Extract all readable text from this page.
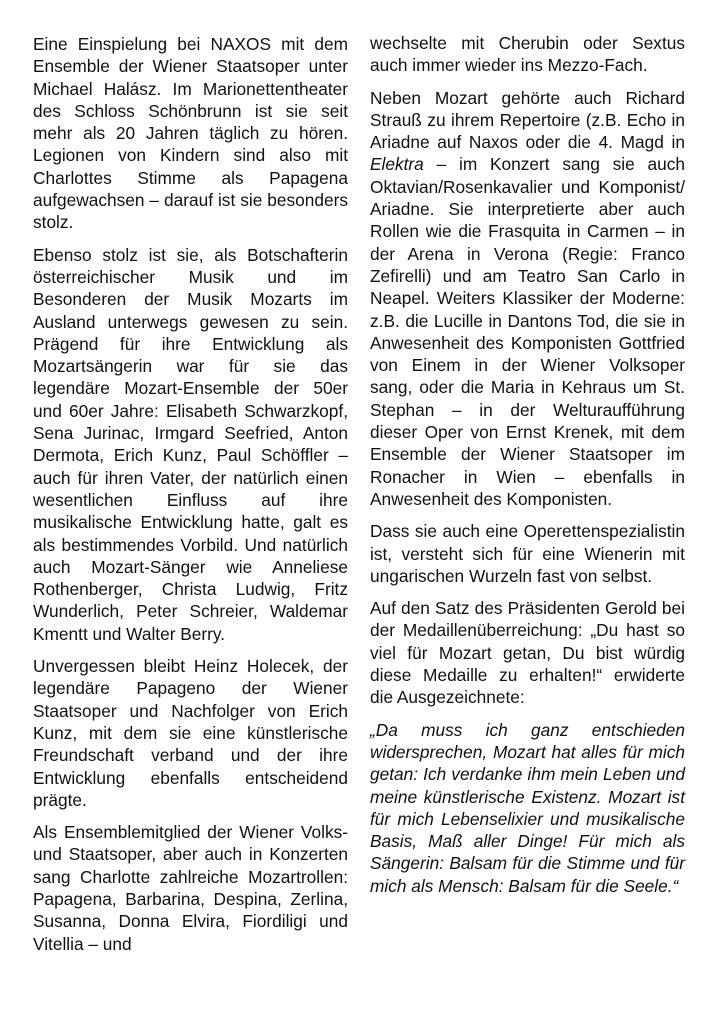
Eine Einspielung bei NAXOS mit dem Ensemble der Wiener Staatsoper unter Michael Halász. Im Marionettentheater des Schloss Schönbrunn ist sie seit mehr als 20 Jahren täglich zu hören. Legionen von Kindern sind also mit Charlottes Stimme als Papagena aufgewachsen – darauf ist sie besonders stolz.

Ebenso stolz ist sie, als Botschafterin österreichischer Musik und im Besonderen der Musik Mozarts im Ausland unterwegs gewesen zu sein. Prägend für ihre Entwicklung als Mozartsängerin war für sie das legendäre Mozart-Ensemble der 50er und 60er Jahre: Elisabeth Schwarzkopf, Sena Jurinac, Irmgard Seefried, Anton Dermota, Erich Kunz, Paul Schöffler – auch für ihren Vater, der natürlich einen wesentlichen Einfluss auf ihre musikalische Entwicklung hatte, galt es als bestimmendes Vorbild. Und natürlich auch Mozart-Sänger wie Anneliese Rothenberger, Christa Ludwig, Fritz Wunderlich, Peter Schreier, Waldemar Kmentt und Walter Berry.

Unvergessen bleibt Heinz Holecek, der legendäre Papageno der Wiener Staatsoper und Nachfolger von Erich Kunz, mit dem sie eine künstlerische Freundschaft verband und der ihre Entwicklung ebenfalls entscheidend prägte.

Als Ensemblemitglied der Wiener Volks- und Staatsoper, aber auch in Konzerten sang Charlotte zahlreiche Mozartrollen: Papagena, Barbarina, Despina, Zerlina, Susanna, Donna Elvira, Fiordiligi und Vitellia – und

wechselte mit Cherubin oder Sextus auch immer wieder ins Mezzo-Fach.

Neben Mozart gehörte auch Richard Strauß zu ihrem Repertoire (z.B. Echo in Ariadne auf Naxos oder die 4. Magd in Elektra – im Konzert sang sie auch Oktavian/Rosenkavalier und Komponist/ Ariadne. Sie interpretierte aber auch Rollen wie die Frasquita in Carmen – in der Arena in Verona (Regie: Franco Zefirelli) und am Teatro San Carlo in Neapel. Weiters Klassiker der Moderne: z.B. die Lucille in Dantons Tod, die sie in Anwesenheit des Komponisten Gottfried von Einem in der Wiener Volksoper sang, oder die Maria in Kehraus um St. Stephan – in der Welturaufführung dieser Oper von Ernst Krenek, mit dem Ensemble der Wiener Staatsoper im Ronacher in Wien – ebenfalls in Anwesenheit des Komponisten.

Dass sie auch eine Operettenspezialistin ist, versteht sich für eine Wienerin mit ungarischen Wurzeln fast von selbst.

Auf den Satz des Präsidenten Gerold bei der Medaillenüberreichung: „Du hast so viel für Mozart getan, Du bist würdig diese Medaille zu erhalten!“ erwiderte die Ausgezeichnete:

„Da muss ich ganz entschieden widersprechen, Mozart hat alles für mich getan: Ich verdanke ihm mein Leben und meine künstlerische Existenz. Mozart ist für mich Lebenselixier und musikalische Basis, Maß aller Dinge! Für mich als Sängerin: Balsam für die Stimme und für mich als Mensch: Balsam für die Seele.“
